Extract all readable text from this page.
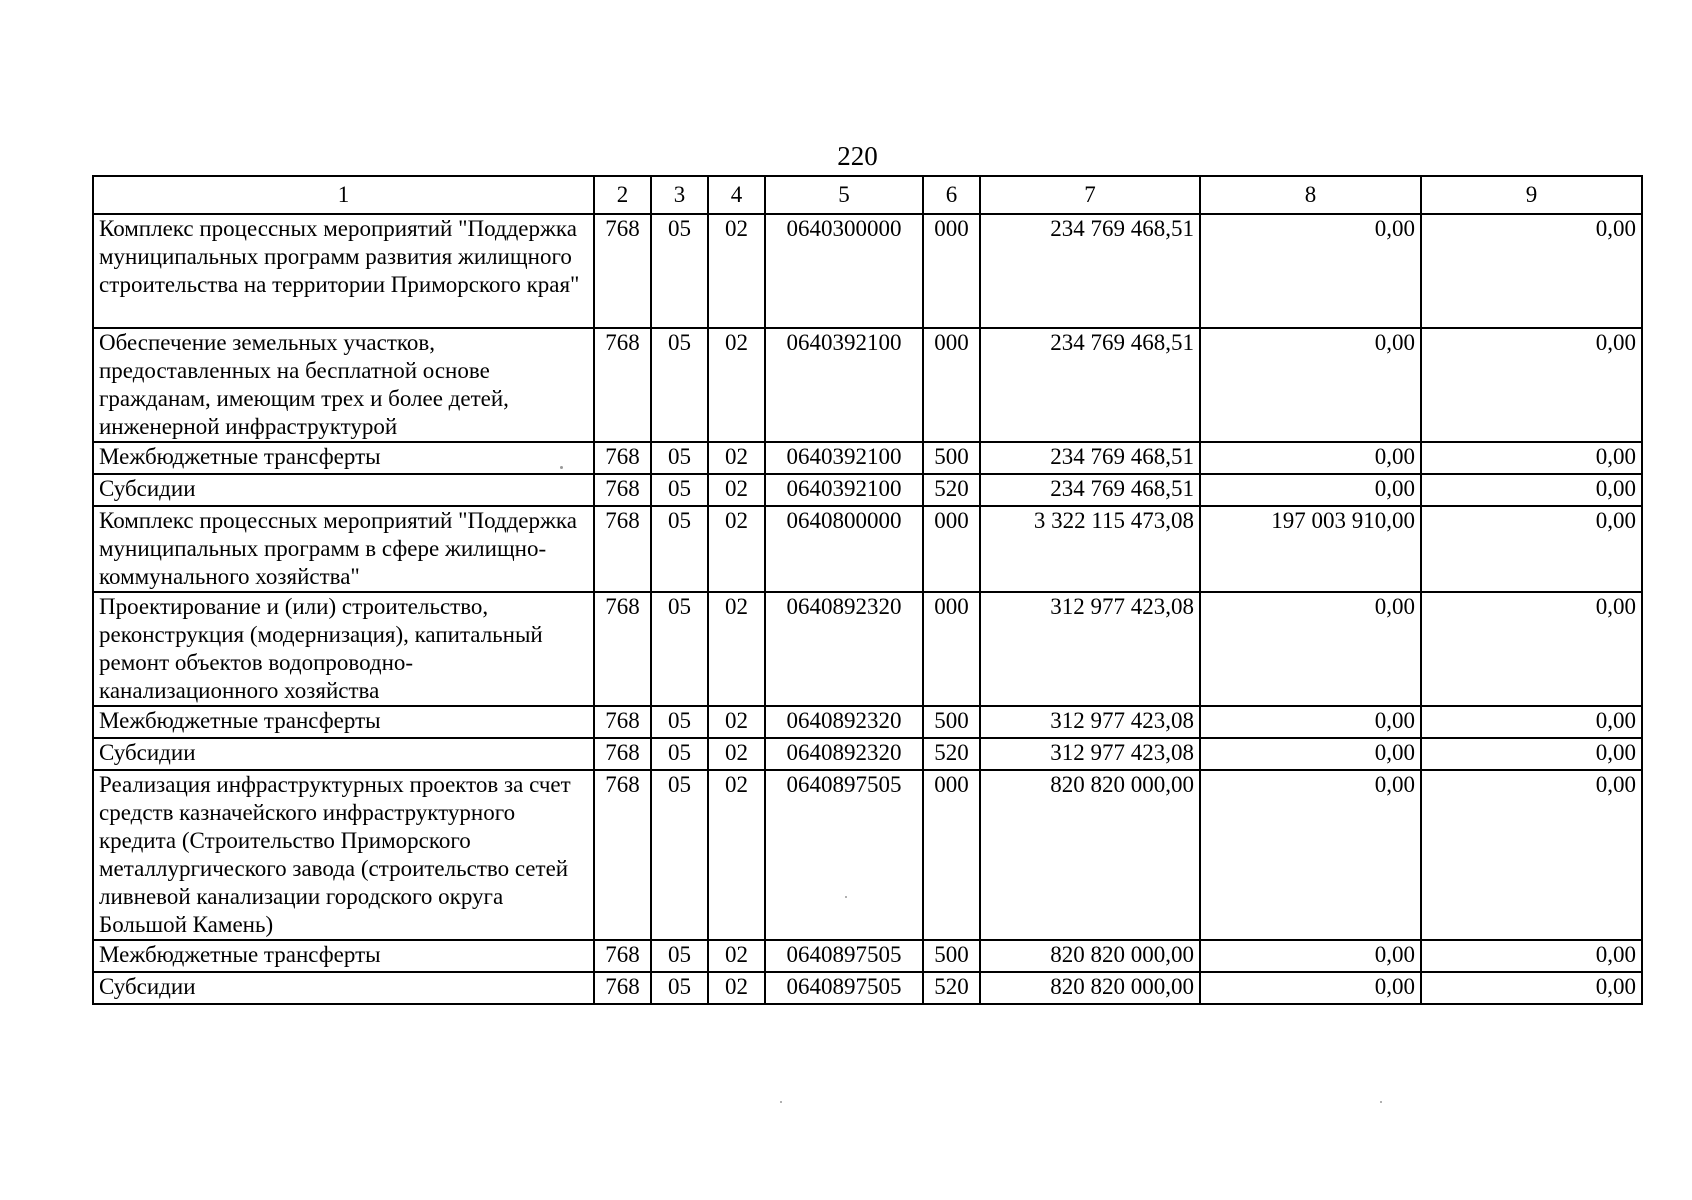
220
1	2	3	4	5	6	7	8	9
Комплекс процессных мероприятий "Поддержка муниципальных программ развития жилищного строительства на территории Приморского края"	768	05	02	0640300000	000	234 769 468,51	0,00	0,00
Обеспечение земельных участков, предоставленных на бесплатной основе гражданам, имеющим трех и более детей, инженерной инфраструктурой	768	05	02	0640392100	000	234 769 468,51	0,00	0,00
Межбюджетные трансферты	768	05	02	0640392100	500	234 769 468,51	0,00	0,00
Субсидии	768	05	02	0640392100	520	234 769 468,51	0,00	0,00
Комплекс процессных мероприятий "Поддержка муниципальных программ в сфере жилищно-коммунального хозяйства"	768	05	02	0640800000	000	3 322 115 473,08	197 003 910,00	0,00
Проектирование и (или) строительство, реконструкция (модернизация), капитальный ремонт объектов водопроводно-канализационного хозяйства	768	05	02	0640892320	000	312 977 423,08	0,00	0,00
Межбюджетные трансферты	768	05	02	0640892320	500	312 977 423,08	0,00	0,00
Субсидии	768	05	02	0640892320	520	312 977 423,08	0,00	0,00
Реализация инфраструктурных проектов за счет средств казначейского инфраструктурного кредита (Строительство Приморского металлургического завода (строительство сетей ливневой канализации городского округа Большой Камень)	768	05	02	0640897505	000	820 820 000,00	0,00	0,00
Межбюджетные трансферты	768	05	02	0640897505	500	820 820 000,00	0,00	0,00
Субсидии	768	05	02	0640897505	520	820 820 000,00	0,00	0,00
